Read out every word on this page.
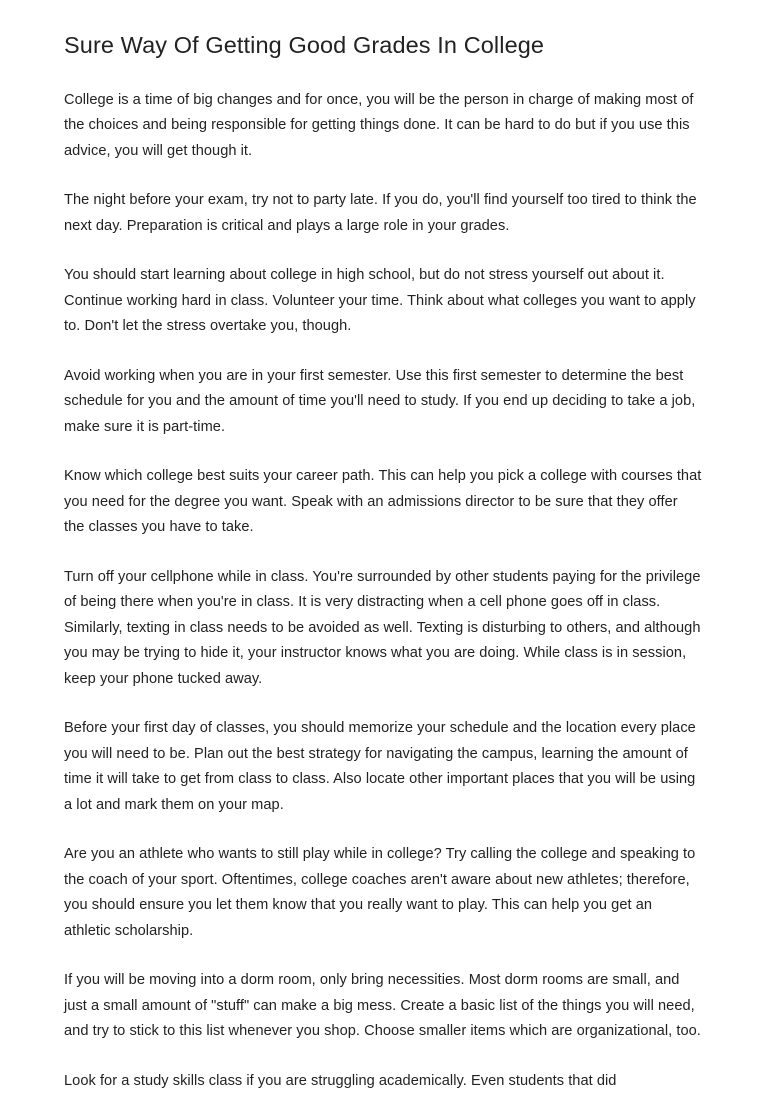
Sure Way Of Getting Good Grades In College

College is a time of big changes and for once, you will be the person in charge of making most of the choices and being responsible for getting things done. It can be hard to do but if you use this advice, you will get though it.

The night before your exam, try not to party late. If you do, you'll find yourself too tired to think the next day. Preparation is critical and plays a large role in your grades.

You should start learning about college in high school, but do not stress yourself out about it. Continue working hard in class. Volunteer your time. Think about what colleges you want to apply to. Don't let the stress overtake you, though.

Avoid working when you are in your first semester. Use this first semester to determine the best schedule for you and the amount of time you'll need to study. If you end up deciding to take a job, make sure it is part-time.

Know which college best suits your career path. This can help you pick a college with courses that you need for the degree you want. Speak with an admissions director to be sure that they offer the classes you have to take.

Turn off your cellphone while in class. You're surrounded by other students paying for the privilege of being there when you're in class. It is very distracting when a cell phone goes off in class. Similarly, texting in class needs to be avoided as well. Texting is disturbing to others, and although you may be trying to hide it, your instructor knows what you are doing. While class is in session, keep your phone tucked away.

Before your first day of classes, you should memorize your schedule and the location every place you will need to be. Plan out the best strategy for navigating the campus, learning the amount of time it will take to get from class to class. Also locate other important places that you will be using a lot and mark them on your map.

Are you an athlete who wants to still play while in college? Try calling the college and speaking to the coach of your sport. Oftentimes, college coaches aren't aware about new athletes; therefore, you should ensure you let them know that you really want to play. This can help you get an athletic scholarship.

If you will be moving into a dorm room, only bring necessities. Most dorm rooms are small, and just a small amount of "stuff" can make a big mess. Create a basic list of the things you will need, and try to stick to this list whenever you shop. Choose smaller items which are organizational, too.

Look for a study skills class if you are struggling academically. Even students that did
